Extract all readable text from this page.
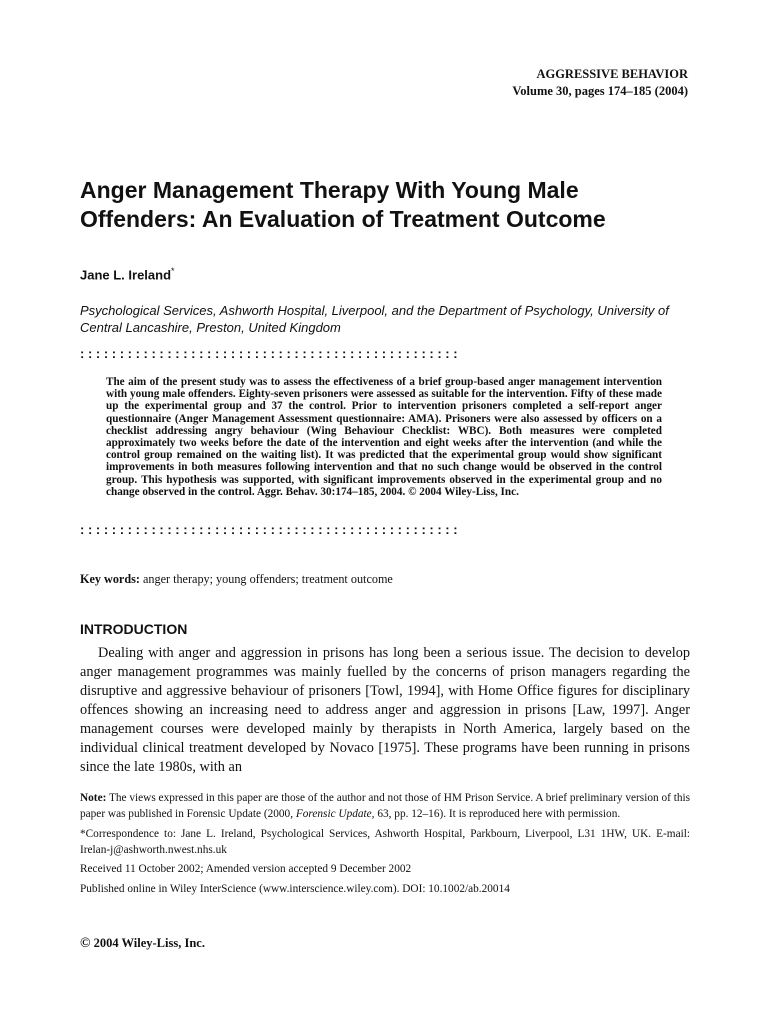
AGGRESSIVE BEHAVIOR
Volume 30, pages 174–185 (2004)
Anger Management Therapy With Young Male Offenders: An Evaluation of Treatment Outcome
Jane L. Ireland*
Psychological Services, Ashworth Hospital, Liverpool, and the Department of Psychology, University of Central Lancashire, Preston, United Kingdom
: : : : : : : : : : : : : : : : : : : : : : : : : : : : : : : : : : : : : : : : : : : : : : : :

The aim of the present study was to assess the effectiveness of a brief group-based anger management intervention with young male offenders. Eighty-seven prisoners were assessed as suitable for the intervention. Fifty of these made up the experimental group and 37 the control. Prior to intervention prisoners completed a self-report anger questionnaire (Anger Management Assessment questionnaire: AMA). Prisoners were also assessed by officers on a checklist addressing angry behaviour (Wing Behaviour Checklist: WBC). Both measures were completed approximately two weeks before the date of the intervention and eight weeks after the intervention (and while the control group remained on the waiting list). It was predicted that the experimental group would show significant improvements in both measures following intervention and that no such change would be observed in the control group. This hypothesis was supported, with significant improvements observed in the experimental group and no change observed in the control. Aggr. Behav. 30:174–185, 2004. © 2004 Wiley-Liss, Inc.

: : : : : : : : : : : : : : : : : : : : : : : : : : : : : : : : : : : : : : : : : : : : : : : :
Key words: anger therapy; young offenders; treatment outcome
INTRODUCTION

Dealing with anger and aggression in prisons has long been a serious issue. The decision to develop anger management programmes was mainly fuelled by the concerns of prison managers regarding the disruptive and aggressive behaviour of prisoners [Towl, 1994], with Home Office figures for disciplinary offences showing an increasing need to address anger and aggression in prisons [Law, 1997]. Anger management courses were developed mainly by therapists in North America, largely based on the individual clinical treatment developed by Novaco [1975]. These programs have been running in prisons since the late 1980s, with an

Note: The views expressed in this paper are those of the author and not those of HM Prison Service. A brief preliminary version of this paper was published in Forensic Update (2000, Forensic Update, 63, pp. 12–16). It is reproduced here with permission.

*Correspondence to: Jane L. Ireland, Psychological Services, Ashworth Hospital, Parkbourn, Liverpool, L31 1HW, UK. E-mail: Irelan-j@ashworth.nwest.nhs.uk

Received 11 October 2002; Amended version accepted 9 December 2002

Published online in Wiley InterScience (www.interscience.wiley.com). DOI: 10.1002/ab.20014

© 2004 Wiley-Liss, Inc.
